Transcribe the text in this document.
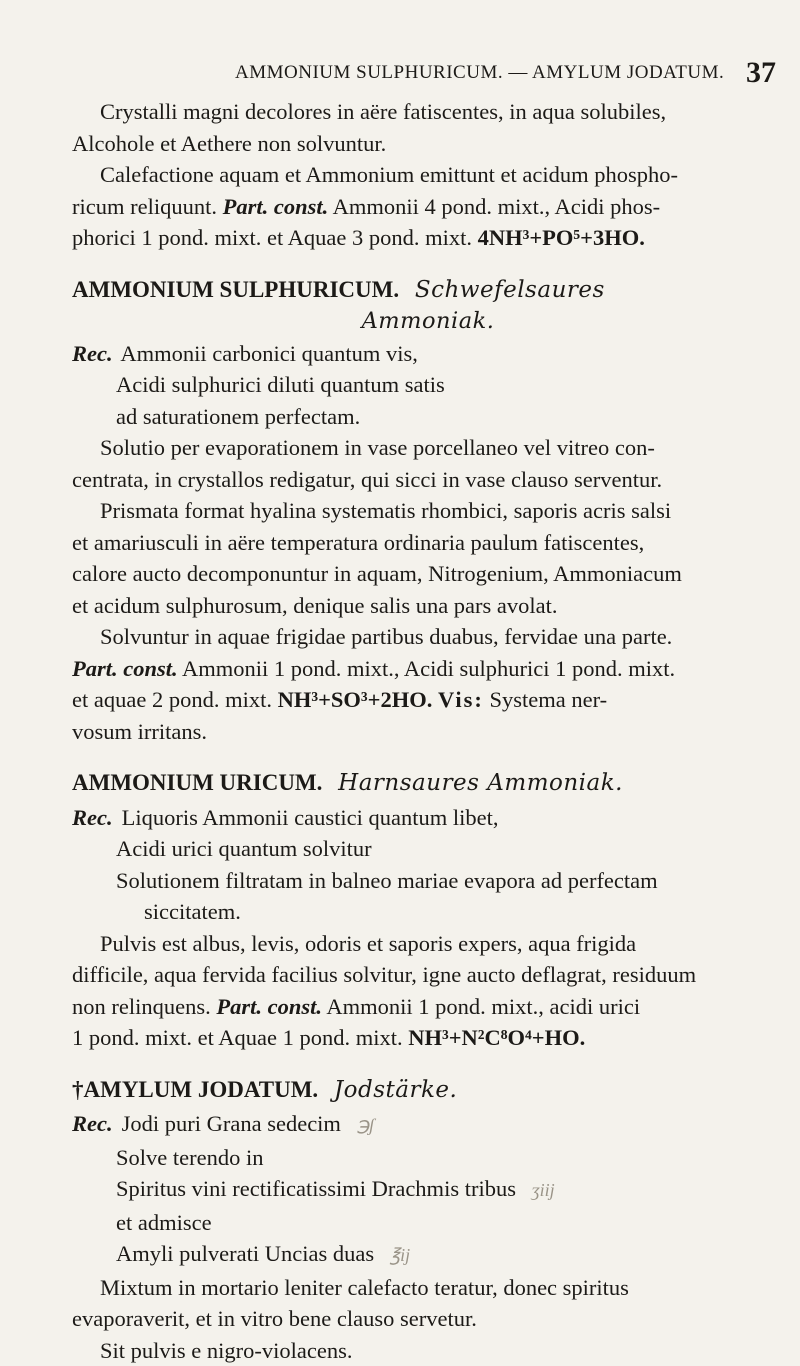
AMMONIUM SULPHURICUM. — AMYLUM JODATUM. 37
Crystalli magni decolores in aëre fatiscentes, in aqua solubiles,
Alcohole et Aethere non solvuntur.
Calefactione aquam et Ammonium emittunt et acidum phospho-
ricum reliquunt. Part. const. Ammonii 4 pond. mixt., Acidi phos-
phorici 1 pond. mixt. et Aquae 3 pond. mixt. 4NH³+PO⁵+3HO.
AMMONIUM SULPHURICUM. Schwefelsaures
Ammoniak.
Rec. Ammonii carbonici quantum vis,
Acidi sulphurici diluti quantum satis
ad saturationem perfectam.
Solutio per evaporationem in vase porcellaneo vel vitreo con-
centrata, in crystallos redigatur, qui sicci in vase clauso serventur.
Prismata format hyalina systematis rhombici, saporis acris salsi
et amariusculi in aëre temperatura ordinaria paulum fatiscentes,
calore aucto decomponuntur in aquam, Nitrogenium, Ammoniacum
et acidum sulphurosum, denique salis una pars avolat.
Solvuntur in aquae frigidae partibus duabus, fervidae una parte.
Part. const. Ammonii 1 pond. mixt., Acidi sulphurici 1 pond. mixt.
et aquae 2 pond. mixt. NH³+SO³+2HO. Vis: Systema ner-
vosum irritans.
AMMONIUM URICUM. Harnsaures Ammoniak.
Rec. Liquoris Ammonii caustici quantum libet,
Acidi urici quantum solvitur
Solutionem filtratam in balneo mariae evapora ad perfectam
siccitatem.
Pulvis est albus, levis, odoris et saporis expers, aqua frigida
difficile, aqua fervida facilius solvitur, igne aucto deflagrat, residuum
non relinquens. Part. const. Ammonii 1 pond. mixt., acidi urici
1 pond. mixt. et Aquae 1 pond. mixt. NH³+N²C⁸O⁴+HO.
†AMYLUM JODATUM. Jodstärke.
Rec. Jodi puri Grana sedecim ℈ʃ
Solve terendo in
Spiritus vini rectificatissimi Drachmis tribus ʒiij
et admisce
Amyli pulverati Uncias duas ℥ij
Mixtum in mortario leniter calefacto teratur, donec spiritus
evaporaverit, et in vitro bene clauso servetur.
Sit pulvis e nigro-violacens.
